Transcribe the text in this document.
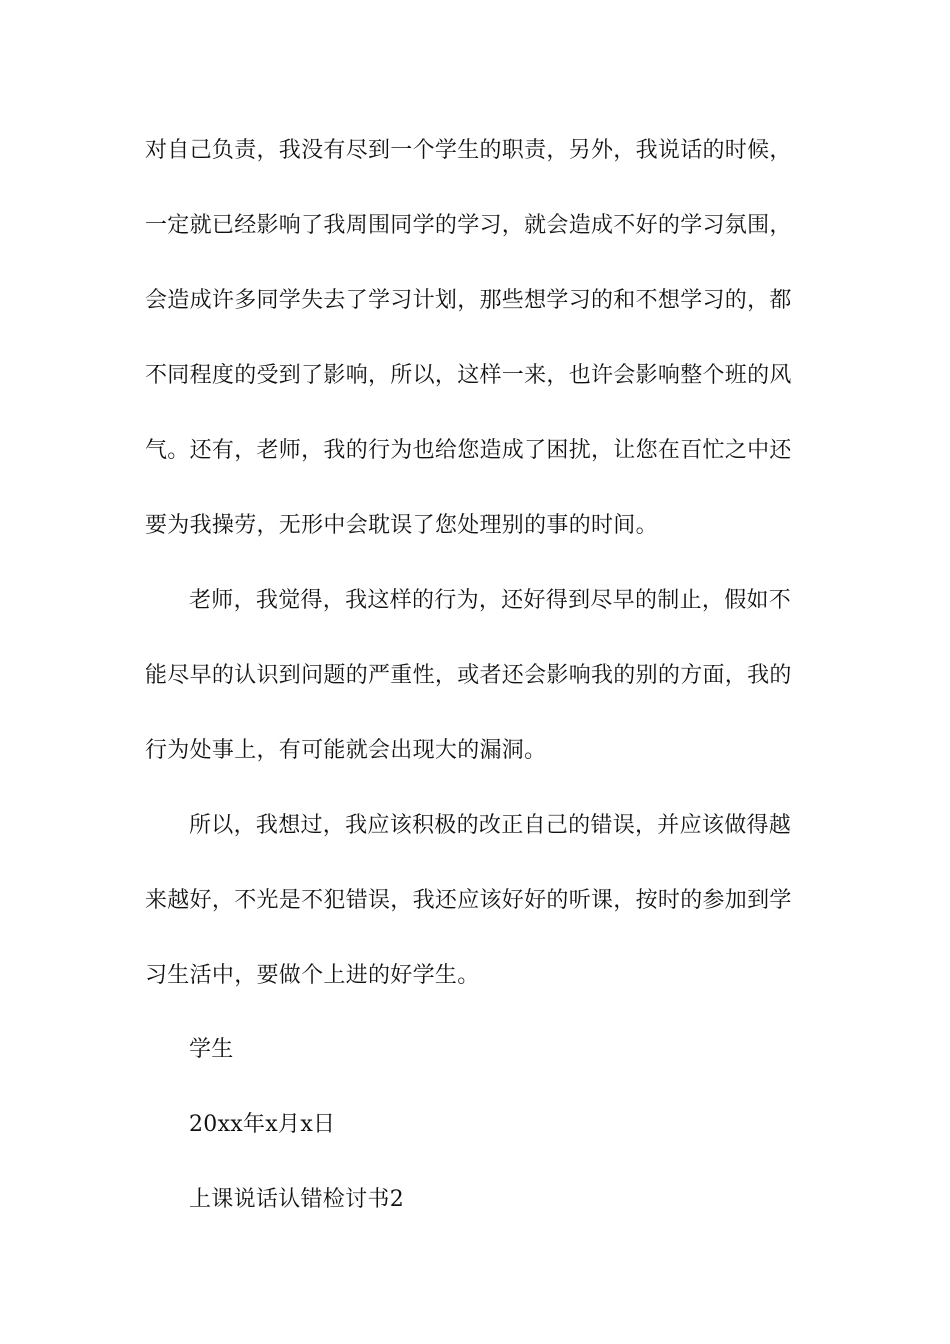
对自己负责，我没有尽到一个学生的职责，另外，我说话的时候，
一定就已经影响了我周围同学的学习，就会造成不好的学习氛围，
会造成许多同学失去了学习计划，那些想学习的和不想学习的，都
不同程度的受到了影响，所以，这样一来，也许会影响整个班的风
气。还有，老师，我的行为也给您造成了困扰，让您在百忙之中还
要为我操劳，无形中会耽误了您处理别的事的时间。
老师，我觉得，我这样的行为，还好得到尽早的制止，假如不
能尽早的认识到问题的严重性，或者还会影响我的别的方面，我的
行为处事上，有可能就会出现大的漏洞。
所以，我想过，我应该积极的改正自己的错误，并应该做得越
来越好，不光是不犯错误，我还应该好好的听课，按时的参加到学
习生活中，要做个上进的好学生。
学生
20xx年x月x日
上课说话认错检讨书2
